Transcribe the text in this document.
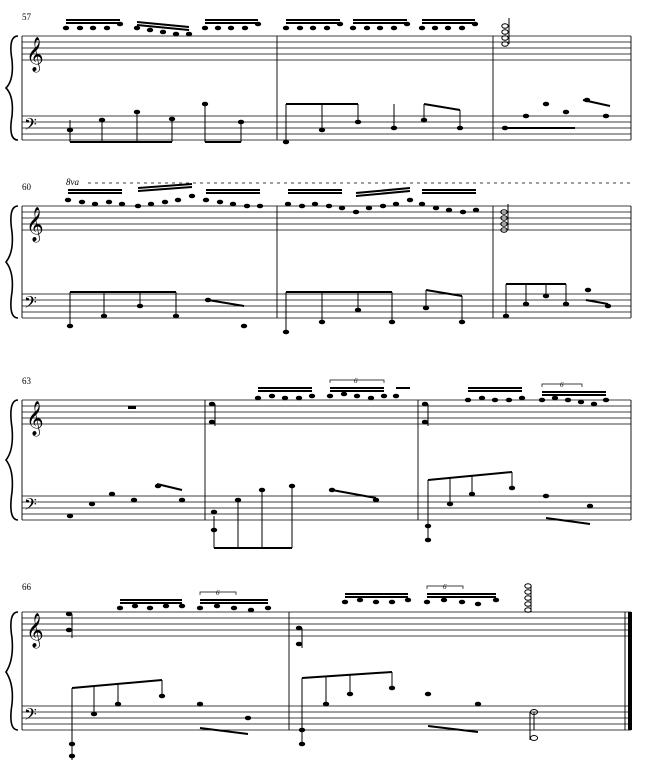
57
𝄞
𝄢
60	8va
𝄞
𝄢
63
𝄞
𝄢
6	6
66
𝄞
𝄢
6
6
